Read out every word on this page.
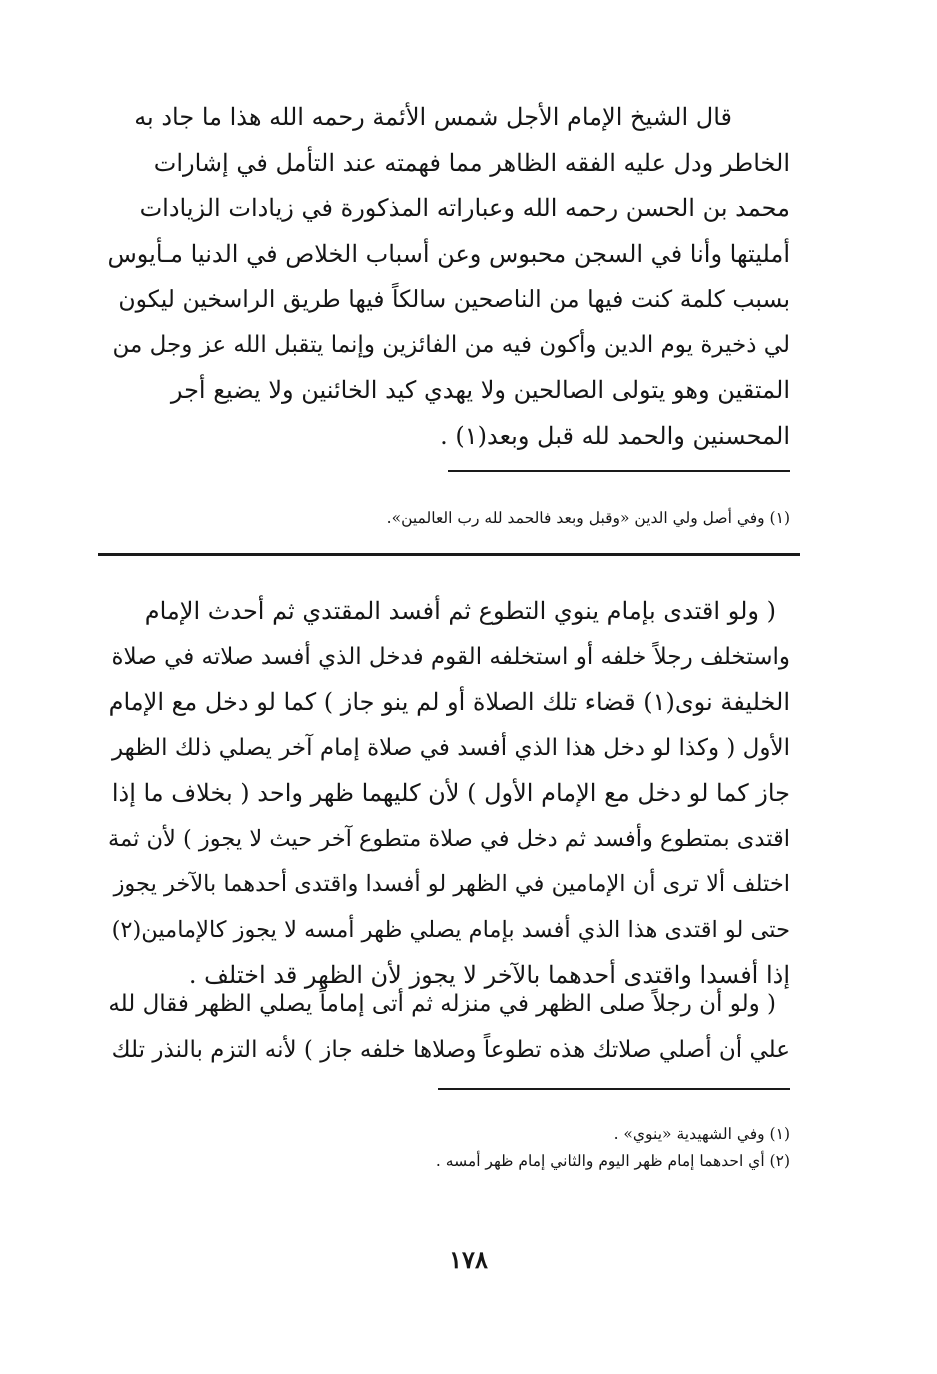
قال الشيخ الإمام الأجل شمس الأئمة رحمه الله هذا ما جاد به
الخاطر ودل عليه الفقه الظاهر مما فهمته عند التأمل في إشارات
محمد بن الحسن رحمه الله وعباراته المذكورة في زيادات الزيادات
أمليتها وأنا في السجن محبوس وعن أسباب الخلاص في الدنيا مـأيوس
بسبب كلمة كنت فيها من الناصحين سالكاً فيها طريق الراسخين ليكون
لي ذخيرة يوم الدين وأكون فيه من الفائزين وإنما يتقبل الله عز وجل من
المتقين وهو يتولى الصالحين ولا يهدي كيد الخائنين ولا يضيع أجر
المحسنين والحمد لله قبل وبعد(١) .
(١) وفي أصل ولي الدين «وقبل وبعد فالحمد لله رب العالمين».
( ولو اقتدى بإمام ينوي التطوع ثم أفسد المقتدي ثم أحدث الإمام
واستخلف رجلاً خلفه أو استخلفه القوم فدخل الذي أفسد صلاته في صلاة
الخليفة نوى(١) قضاء تلك الصلاة أو لم ينو جاز ) كما لو دخل مع الإمام
الأول ( وكذا لو دخل هذا الذي أفسد في صلاة إمام آخر يصلي ذلك الظهر
جاز كما لو دخل مع الإمام الأول ) لأن كليهما ظهر واحد ( بخلاف ما إذا
اقتدى بمتطوع وأفسد ثم دخل في صلاة متطوع آخر حيث لا يجوز ) لأن ثمة
اختلف ألا ترى أن الإمامين في الظهر لو أفسدا واقتدى أحدهما بالآخر يجوز
حتى لو اقتدى هذا الذي أفسد بإمام يصلي ظهر أمسه لا يجوز كالإمامين(٢)
إذا أفسدا واقتدى أحدهما بالآخر لا يجوز لأن الظهر قد اختلف .
( ولو أن رجلاً صلى الظهر في منزله ثم أتى إماماً يصلي الظهر فقال لله
علي أن أصلي صلاتك هذه تطوعاً وصلاها خلفه جاز ) لأنه التزم بالنذر تلك
(١) وفي الشهيدية «ينوي» .
(٢) أي احدهما إمام ظهر اليوم والثاني إمام ظهر أمسه .
١٧٨
